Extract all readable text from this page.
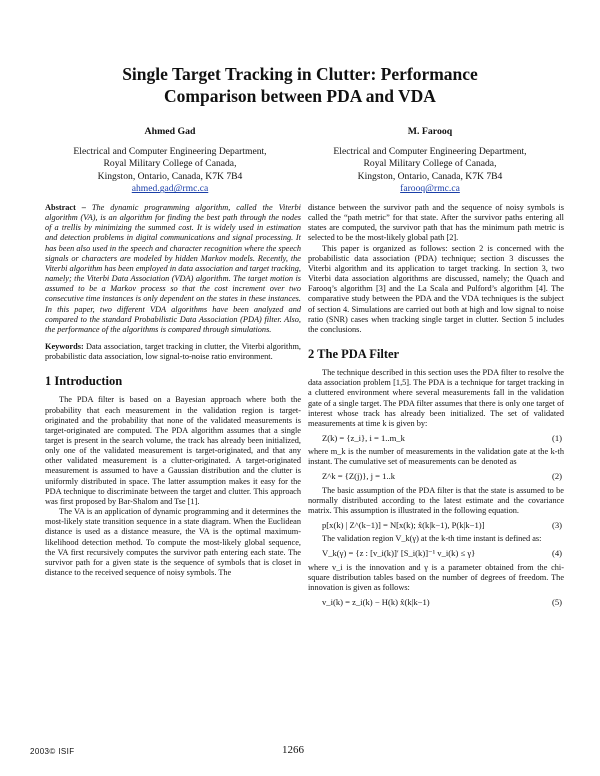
Single Target Tracking in Clutter: Performance
Comparison between PDA and VDA
Ahmed Gad
Electrical and Computer Engineering Department,
Royal Military College of Canada,
Kingston, Ontario, Canada, K7K 7B4
ahmed.gad@rmc.ca
M. Farooq
Electrical and Computer Engineering Department,
Royal Military College of Canada,
Kingston, Ontario, Canada, K7K 7B4
farooq@rmc.ca

Abstract – The dynamic programming algorithm, called the Viterbi algorithm (VA), is an algorithm for finding the best path through the nodes of a trellis by minimizing the summed cost. It is widely used in estimation and detection problems in digital communications and signal processing. It has been also used in the speech and character recognition where the speech signals or characters are modeled by hidden Markov models. Recently, the Viterbi algorithm has been employed in data association and target tracking, namely; the Viterbi Data Association (VDA) algorithm. The target motion is assumed to be a Markov process so that the cost increment over two consecutive time instances is only dependent on the states in these instances. In this paper, two different VDA algorithms have been analyzed and compared to the standard Probabilistic Data Association (PDA) filter. Also, the performance of the algorithms is compared through simulations.

Keywords: Data association, target tracking in clutter, the Viterbi algorithm, probabilistic data association, low signal-to-noise ratio environment.

1 Introduction

The PDA filter is based on a Bayesian approach where both the probability that each measurement in the validation region is target-originated and the probability that none of the validated measurements is target-originated are computed. The PDA algorithm assumes that a single target is present in the search volume, the track has already been initialized, only one of the validated measurement is target-originated, and that any other validated measurement is a clutter-originated. A target-originated measurement is assumed to have a Gaussian distribution and the clutter is uniformly distributed in space. The latter assumption makes it easy for the PDA technique to discriminate between the target and clutter. This approach was first proposed by Bar-Shalom and Tse [1].

The VA is an application of dynamic programming and it determines the most-likely state transition sequence in a state diagram. When the Euclidean distance is used as a distance measure, the VA is the optimal maximum-likelihood detection method. To compute the most-likely global sequence, the VA first recursively computes the survivor path entering each state. The survivor path for a given state is the sequence of symbols that is closet in distance to the received sequence of noisy symbols. The

distance between the survivor path and the sequence of noisy symbols is called the “path metric” for that state. After the survivor paths entering all states are computed, the survivor path that has the minimum path metric is selected to be the most-likely global path [2].

This paper is organized as follows: section 2 is concerned with the probabilistic data association (PDA) technique; section 3 discusses the Viterbi algorithm and its application to target tracking. In section 3, two Viterbi data association algorithms are discussed, namely; the Quach and Farooq’s algorithm [3] and the La Scala and Pulford’s algorithm [4]. The comparative study between the PDA and the VDA techniques is the subject of section 4. Simulations are carried out both at high and low signal to noise ratio (SNR) cases when tracking single target in clutter. Section 5 includes the conclusions.

2 The PDA Filter

The technique described in this section uses the PDA filter to resolve the data association problem [1,5]. The PDA is a technique for target tracking in a cluttered environment where several measurements fall in the validation gate of a single target. The PDA filter assumes that there is only one target of interest whose track has already been initialized. The set of validated measurements at time k is given by:

Z(k) = {z_i}, i = 1..m_k	(1)

where m_k is the number of measurements in the validation gate at the k-th instant. The cumulative set of measurements can be denoted as

Z^k = {Z(j)}, j = 1..k	(2)

The basic assumption of the PDA filter is that the state is assumed to be normally distributed according to the latest estimate and the covariance matrix. This assumption is illustrated in the following equation.

p[x(k) | Z^(k−1)] = N[x(k); x̂(k|k−1), P(k|k−1)]	(3)

The validation region V_k(γ) at the k-th time instant is defined as:

V_k(γ) = {z : [v_i(k)]′ [S_i(k)]⁻¹ v_i(k) ≤ γ}	(4)

where v_i is the innovation and γ is a parameter obtained from the chi-square distribution tables based on the number of degrees of freedom. The innovation is given as follows:

v_i(k) = z_i(k) − H(k) x̂(k|k−1)	(5)
2003© ISIF	1266
